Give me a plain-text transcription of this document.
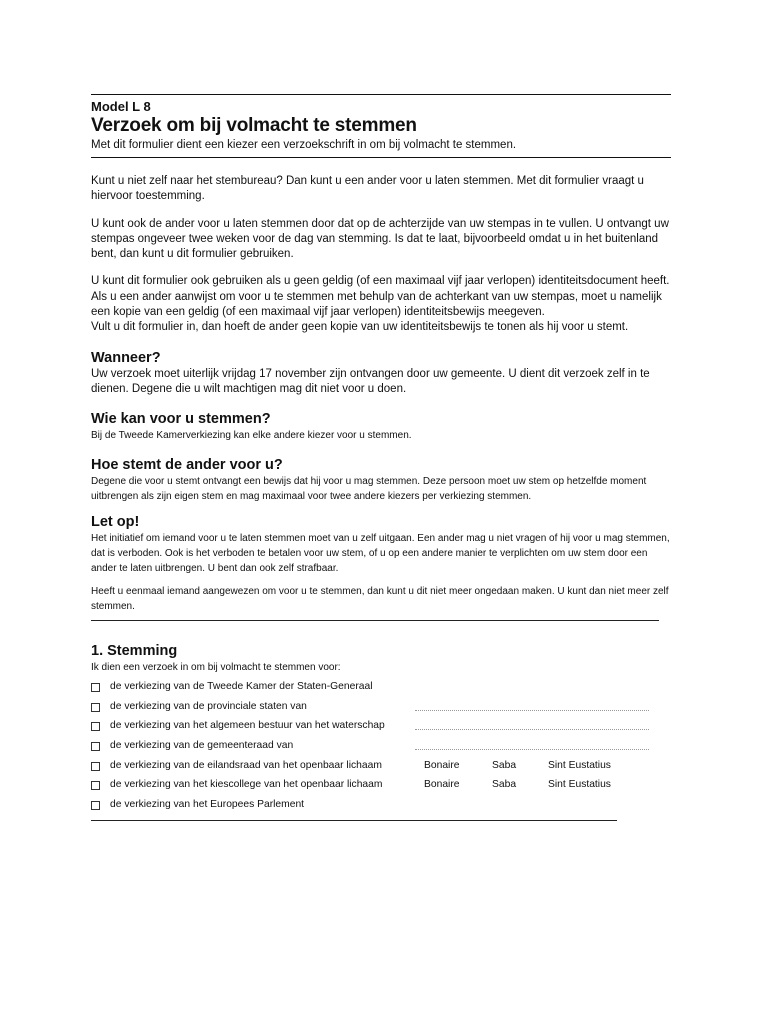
Model L 8
Verzoek om bij volmacht te stemmen
Met dit formulier dient een kiezer een verzoekschrift in om bij volmacht te stemmen.

Kunt u niet zelf naar het stembureau? Dan kunt u een ander voor u laten stemmen. Met dit formulier vraagt u hiervoor toestemming.

U kunt ook de ander voor u laten stemmen door dat op de achterzijde van uw stempas in te vullen. U ontvangt uw stempas ongeveer twee weken voor de dag van stemming. Is dat te laat, bijvoorbeeld omdat u in het buitenland bent, dan kunt u dit formulier gebruiken.

U kunt dit formulier ook gebruiken als u geen geldig (of een maximaal vijf jaar verlopen) identiteitsdocument heeft. Als u een ander aanwijst om voor u te stemmen met behulp van de achterkant van uw stempas, moet u namelijk een kopie van een geldig (of een maximaal vijf jaar verlopen) identiteitsbewijs meegeven.

Vult u dit formulier in, dan hoeft de ander geen kopie van uw identiteitsbewijs te tonen als hij voor u stemt.

Wanneer?

Uw verzoek moet uiterlijk vrijdag 17 november zijn ontvangen door uw gemeente. U dient dit verzoek zelf in te dienen. Degene die u wilt machtigen mag dit niet voor u doen.

Wie kan voor u stemmen?

Bij de Tweede Kamerverkiezing kan elke andere kiezer voor u stemmen.

Hoe stemt de ander voor u?

Degene die voor u stemt ontvangt een bewijs dat hij voor u mag stemmen. Deze persoon moet uw stem op hetzelfde moment uitbrengen als zijn eigen stem en mag maximaal voor twee andere kiezers per verkiezing stemmen.

Let op!

Het initiatief om iemand voor u te laten stemmen moet van u zelf uitgaan. Een ander mag u niet vragen of hij voor u mag stemmen, dat is verboden. Ook is het verboden te betalen voor uw stem, of u op een andere manier te verplichten om uw stem door een ander te laten uitbrengen. U bent dan ook zelf strafbaar.

Heeft u eenmaal iemand aangewezen om voor u te stemmen, dan kunt u dit niet meer ongedaan maken. U kunt dan niet meer zelf stemmen.

1. Stemming

Ik dien een verzoek in om bij volmacht te stemmen voor:

de verkiezing van de Tweede Kamer der Staten-Generaal
de verkiezing van de provinciale staten van
de verkiezing van het algemeen bestuur van het waterschap
de verkiezing van de gemeenteraad van
de verkiezing van de eilandsraad van het openbaar lichaam	Bonaire	Saba	Sint Eustatius
de verkiezing van het kiescollege van het openbaar lichaam	Bonaire	Saba	Sint Eustatius
de verkiezing van het Europees Parlement
